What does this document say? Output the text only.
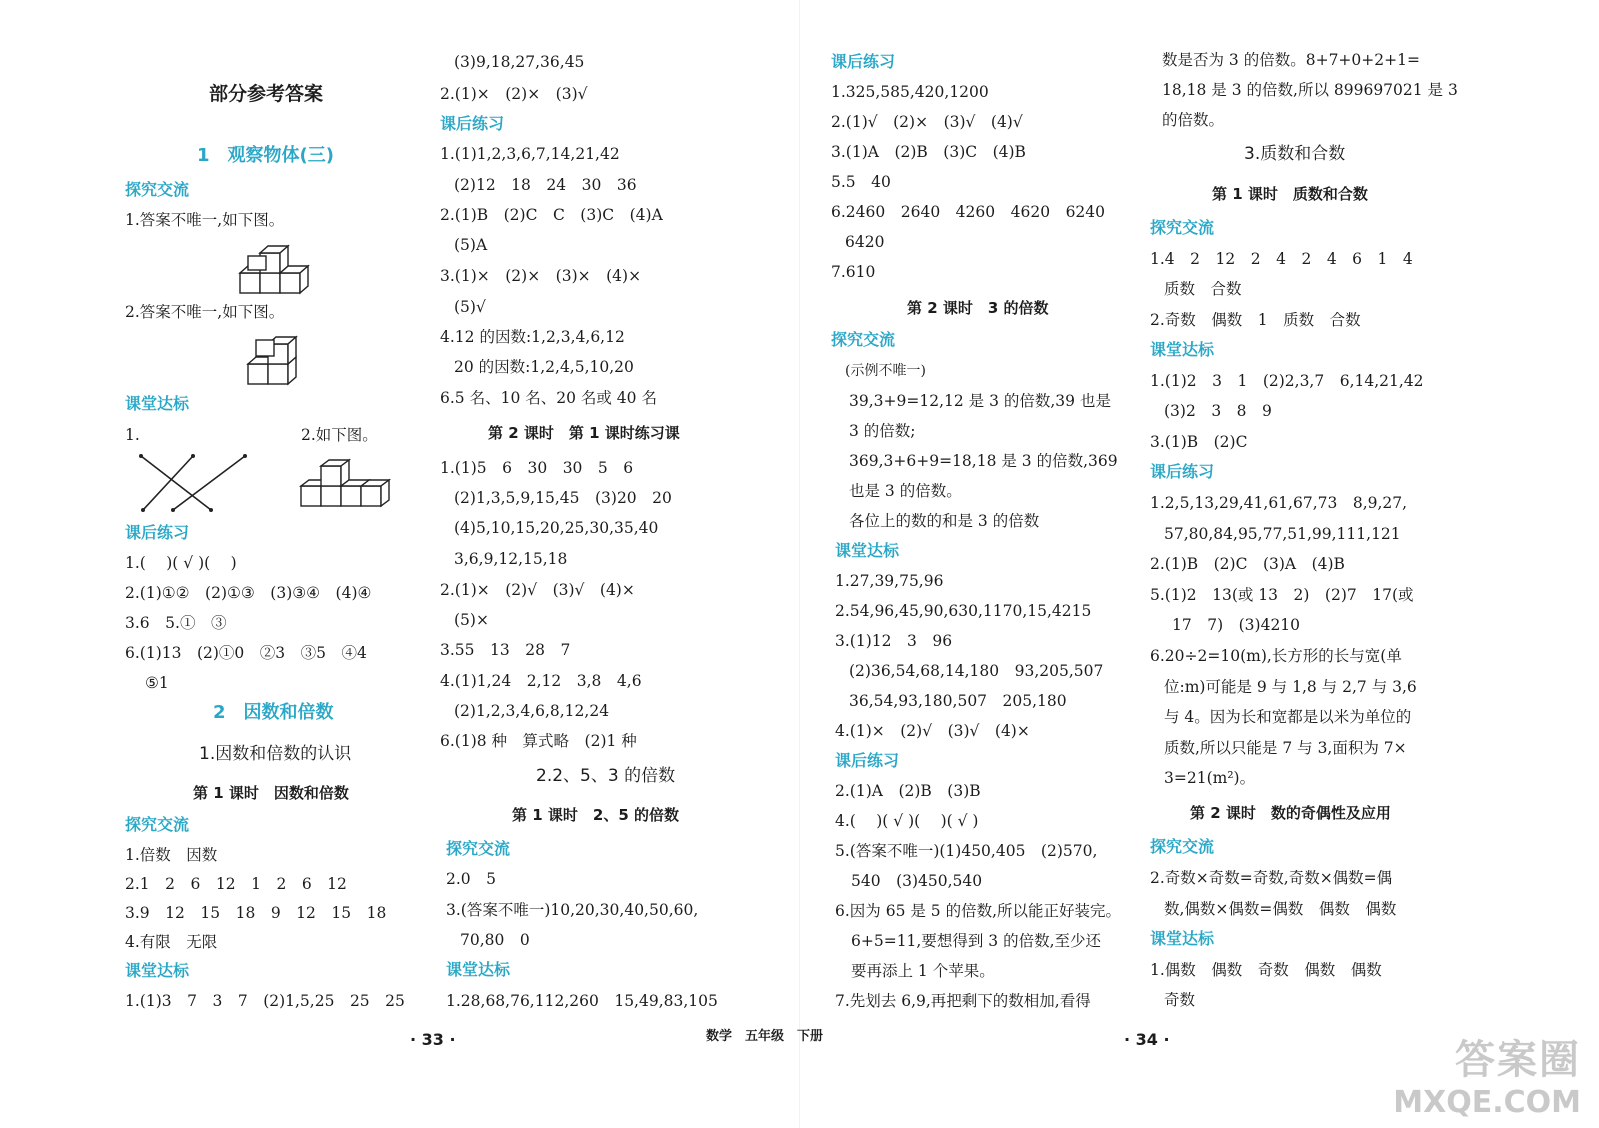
部分参考答案
1　观察物体(三)
探究交流
1.答案不唯一,如下图。
2.答案不唯一,如下图。
课堂达标
1.	2.如下图。
课后练习
1.(　 )( √ )(　 )
2.(1)①②　(2)①③　(3)③④　(4)④
3.6　5.①　③
6.(1)13　(2)①0　②3　③5　④4
⑤1
2　因数和倍数
1.因数和倍数的认识
第 1 课时　因数和倍数
探究交流
1.倍数　因数
2.1　2　6　12　1　2　6　12
3.9　12　15　18　9　12　15　18
4.有限　无限
课堂达标
1.(1)3　7　3　7　(2)1,5,25　25　25
(3)9,18,27,36,45
2.(1)×　(2)×　(3)√
课后练习
1.(1)1,2,3,6,7,14,21,42
(2)12　18　24　30　36
2.(1)B　(2)C　C　(3)C　(4)A
(5)A
3.(1)×　(2)×　(3)×　(4)×
(5)√
4.12 的因数:1,2,3,4,6,12
20 的因数:1,2,4,5,10,20
6.5 名、10 名、20 名或 40 名
第 2 课时　第 1 课时练习课
1.(1)5　6　30　30　5　6
(2)1,3,5,9,15,45　(3)20　20
(4)5,10,15,20,25,30,35,40
3,6,9,12,15,18
2.(1)×　(2)√　(3)√　(4)×
(5)×
3.55　13　28　7
4.(1)1,24　2,12　3,8　4,6
(2)1,2,3,4,6,8,12,24
6.(1)8 种　算式略　(2)1 种
2.2、5、3 的倍数
第 1 课时　2、5 的倍数
探究交流
2.0　5
3.(答案不唯一)10,20,30,40,50,60,
70,80　0
课堂达标
1.28,68,76,112,260　15,49,83,105
· 33 ·	数学　五年级　下册
课后练习
1.325,585,420,1200
2.(1)√　(2)×　(3)√　(4)√
3.(1)A　(2)B　(3)C　(4)B
5.5　40
6.2460　2640　4260　4620　6240
6420
7.610
第 2 课时　3 的倍数
探究交流
(示例不唯一)
39,3+9=12,12 是 3 的倍数,39 也是
3 的倍数;
369,3+6+9=18,18 是 3 的倍数,369
也是 3 的倍数。
各位上的数的和是 3 的倍数
课堂达标
1.27,39,75,96
2.54,96,45,90,630,1170,15,4215
3.(1)12　3　96
(2)36,54,68,14,180　93,205,507
36,54,93,180,507　205,180
4.(1)×　(2)√　(3)√　(4)×
课后练习
2.(1)A　(2)B　(3)B
4.(　 )( √ )(　 )( √ )
5.(答案不唯一)(1)450,405　(2)570,
540　(3)450,540
6.因为 65 是 5 的倍数,所以能正好装完。
6+5=11,要想得到 3 的倍数,至少还
要再添上 1 个苹果。
7.先划去 6,9,再把剩下的数相加,看得
数是否为 3 的倍数。8+7+0+2+1=
18,18 是 3 的倍数,所以 899697021 是 3
的倍数。
3.质数和合数
第 1 课时　质数和合数
探究交流
1.4　2　12　2　4　2　4　6　1　4
质数　合数
2.奇数　偶数　1　质数　合数
课堂达标
1.(1)2　3　1　(2)2,3,7　6,14,21,42
(3)2　3　8　9
3.(1)B　(2)C
课后练习
1.2,5,13,29,41,61,67,73　8,9,27,
57,80,84,95,77,51,99,111,121
2.(1)B　(2)C　(3)A　(4)B
5.(1)2　13(或 13　2)　(2)7　17(或
17　7)　(3)4210
6.20÷2=10(m),长方形的长与宽(单
位:m)可能是 9 与 1,8 与 2,7 与 3,6
与 4。因为长和宽都是以米为单位的
质数,所以只能是 7 与 3,面积为 7×
3=21(m²)。
第 2 课时　数的奇偶性及应用
探究交流
2.奇数×奇数=奇数,奇数×偶数=偶
数,偶数×偶数=偶数　偶数　偶数
课堂达标
1.偶数　偶数　奇数　偶数　偶数
奇数
· 34 ·	答案圈
MXQE.COM
